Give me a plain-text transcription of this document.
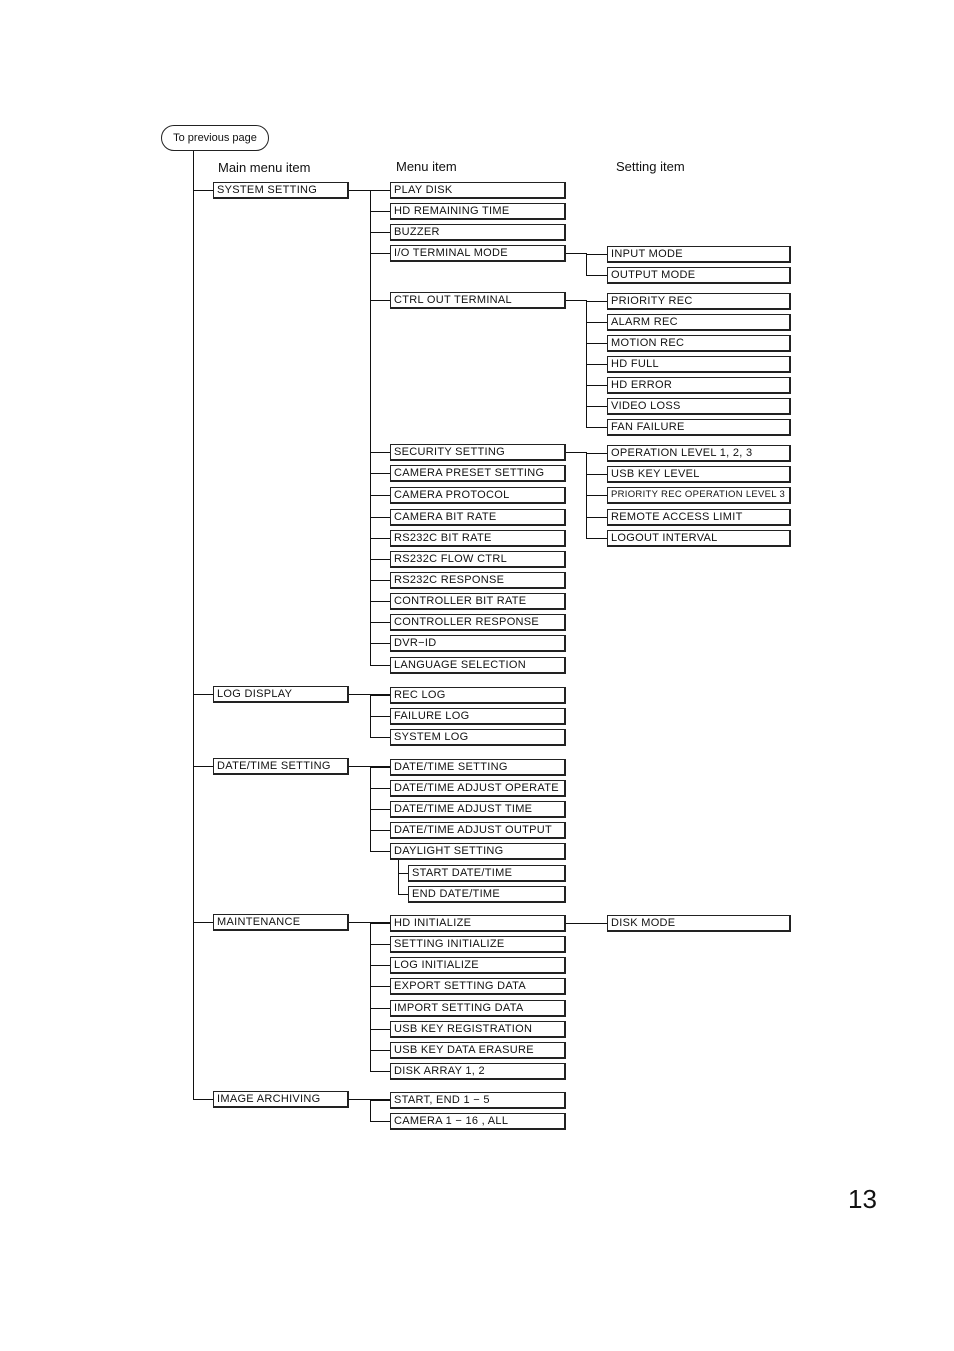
To previous page
Main menu item	Menu item	Setting item
13
SYSTEM SETTING	PLAY DISK
HD REMAINING TIME
BUZZER
I/O TERMINAL MODE	INPUT MODE
OUTPUT MODE
CTRL OUT TERMINAL	PRIORITY REC
ALARM REC
MOTION REC
HD FULL
HD ERROR
VIDEO LOSS
FAN FAILURE
SECURITY SETTING	OPERATION LEVEL 1, 2, 3
USB KEY LEVEL
PRIORITY REC OPERATION LEVEL 3
REMOTE ACCESS LIMIT
LOGOUT INTERVAL
CAMERA PRESET SETTING
CAMERA PROTOCOL
CAMERA BIT RATE
RS232C BIT RATE
RS232C FLOW CTRL
RS232C RESPONSE
CONTROLLER BIT RATE
CONTROLLER RESPONSE
DVR−ID
LANGUAGE SELECTION
LOG DISPLAY	REC LOG
FAILURE LOG
SYSTEM LOG
DATE/TIME SETTING	DATE/TIME SETTING
DATE/TIME ADJUST OPERATE
DATE/TIME ADJUST TIME
DATE/TIME ADJUST OUTPUT
DAYLIGHT SETTING
START DATE/TIME
END DATE/TIME
MAINTENANCE	HD INITIALIZE	DISK MODE
SETTING INITIALIZE
LOG INITIALIZE
EXPORT SETTING DATA
IMPORT SETTING DATA
USB KEY REGISTRATION
USB KEY DATA ERASURE
DISK ARRAY 1, 2
IMAGE ARCHIVING	START, END 1 − 5
CAMERA 1 − 16 , ALL
